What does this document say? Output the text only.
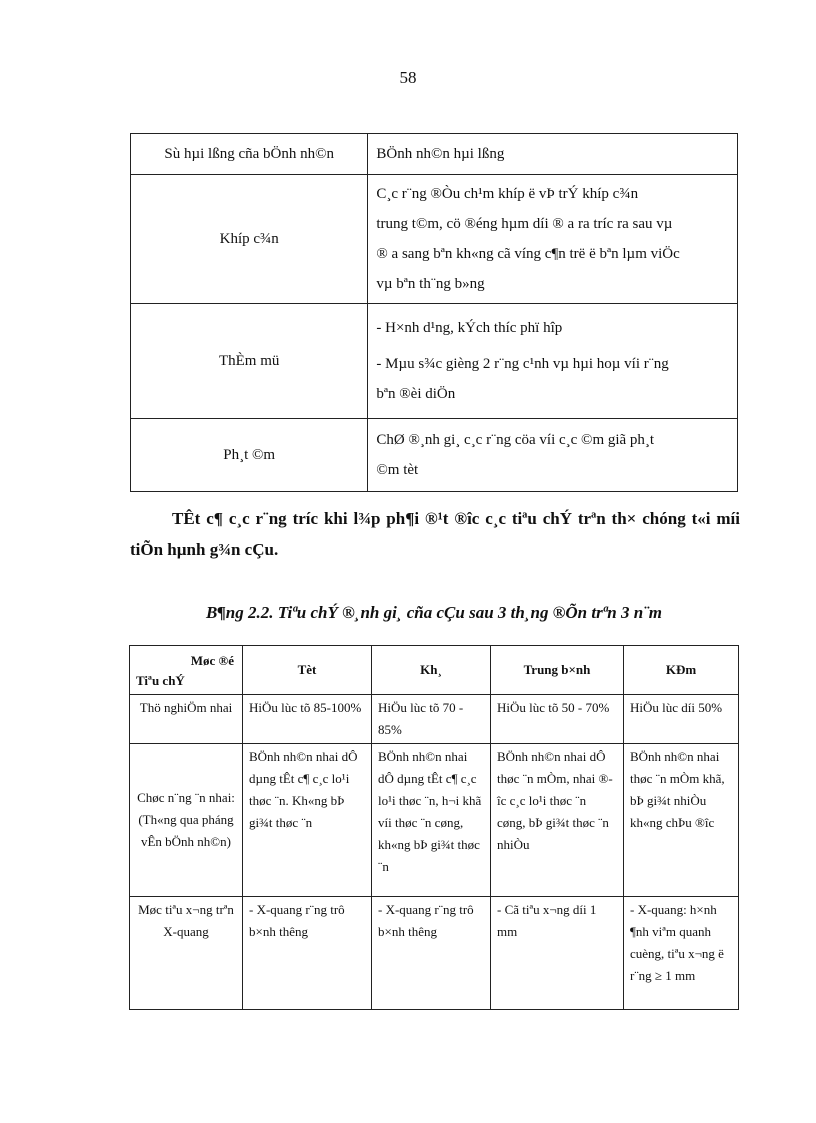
58
Sù hµi lßng cña bÖnh nh©n	BÖnh nh©n hµi lßng
Khíp c¾n	C¸c r¨ng ®Òu ch¹m khíp ë vÞ trÝ khíp c¾n
trung t©m, cö ®éng hµm díi ® a ra tríc ra sau vµ
® a sang bªn kh«ng cã víng c¶n trë ë bªn lµm viÖc
vµ bªn th¨ng b»ng

ThÈm mü	- H×nh d¹ng, kÝch thíc phï hîp
- Mµu s¾c gièng 2 r¨ng c¹nh vµ hµi hoµ víi r¨ng
bªn ®èi diÖn

Ph¸t ©m	ChØ ®¸nh gi¸ c¸c r¨ng cöa víi c¸c ©m giã ph¸t
©m tèt

TÊt c¶ c¸c r¨ng tríc khi l¾p ph¶i ®¹t ®îc c¸c tiªu chÝ trªn th× chóng t«i míi tiÕn hµnh g¾n cÇu.

B¶ng 2.2. Tiªu chÝ ®¸nh gi¸ cña cÇu sau 3 th¸ng ®Õn trªn 3 n¨m
Møc ®é
Tiªu chÝ	Tèt	Kh¸	Trung b×nh	KÐm
Thö nghiÖm nhai	HiÖu lùc tõ 85-100%	HiÖu lùc tõ 70 - 85%	HiÖu lùc tõ 50 - 70%	HiÖu lùc díi 50%
Chøc n¨ng ¨n nhai: (Th«ng qua pháng vÊn bÖnh nh©n)	BÖnh nh©n nhai dÔ dµng tÊt c¶ c¸c lo¹i thøc ¨n. Kh«ng bÞ gi¾t thøc ¨n	BÖnh nh©n nhai dÔ dµng tÊt c¶ c¸c lo¹i thøc ¨n, h¬i khã víi thøc ¨n cøng, kh«ng bÞ gi¾t thøc ¨n	BÖnh nh©n nhai dÔ thøc ¨n mÒm, nhai ®îc c¸c lo¹i thøc ¨n cøng, bÞ gi¾t thøc ¨n nhiÒu	BÖnh nh©n nhai thøc ¨n mÒm khã, bÞ gi¾t nhiÒu kh«ng chÞu ®îc
Møc tiªu x¬ng trªn X-quang	- X-quang r¨ng trô b×nh thêng	- X-quang r¨ng trô b×nh thêng	- Cã tiªu x¬ng díi 1 mm	- X-quang: h×nh ¶nh viªm quanh cuèng, tiªu x¬ng ë r¨ng ≥ 1 mm
